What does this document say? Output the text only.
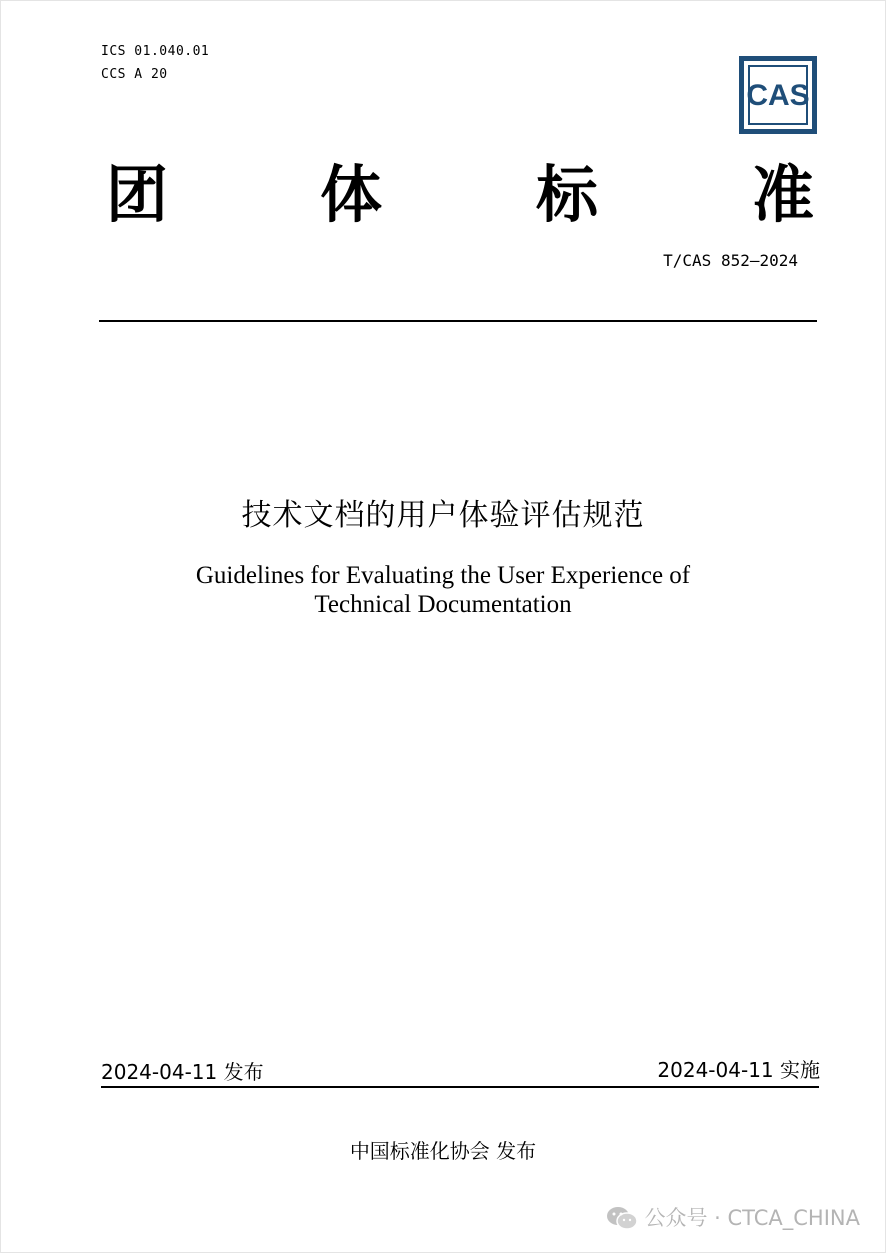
ICS 01.040.01
CCS A 20
CAS
团 体 标 准
T/CAS 852—2024
技术文档的用户体验评估规范
Guidelines for Evaluating the User Experience of
Technical Documentation
2024-04-11 发布	2024-04-11 实施
中国标准化协会 发布
公众号 · CTCA_CHINA
